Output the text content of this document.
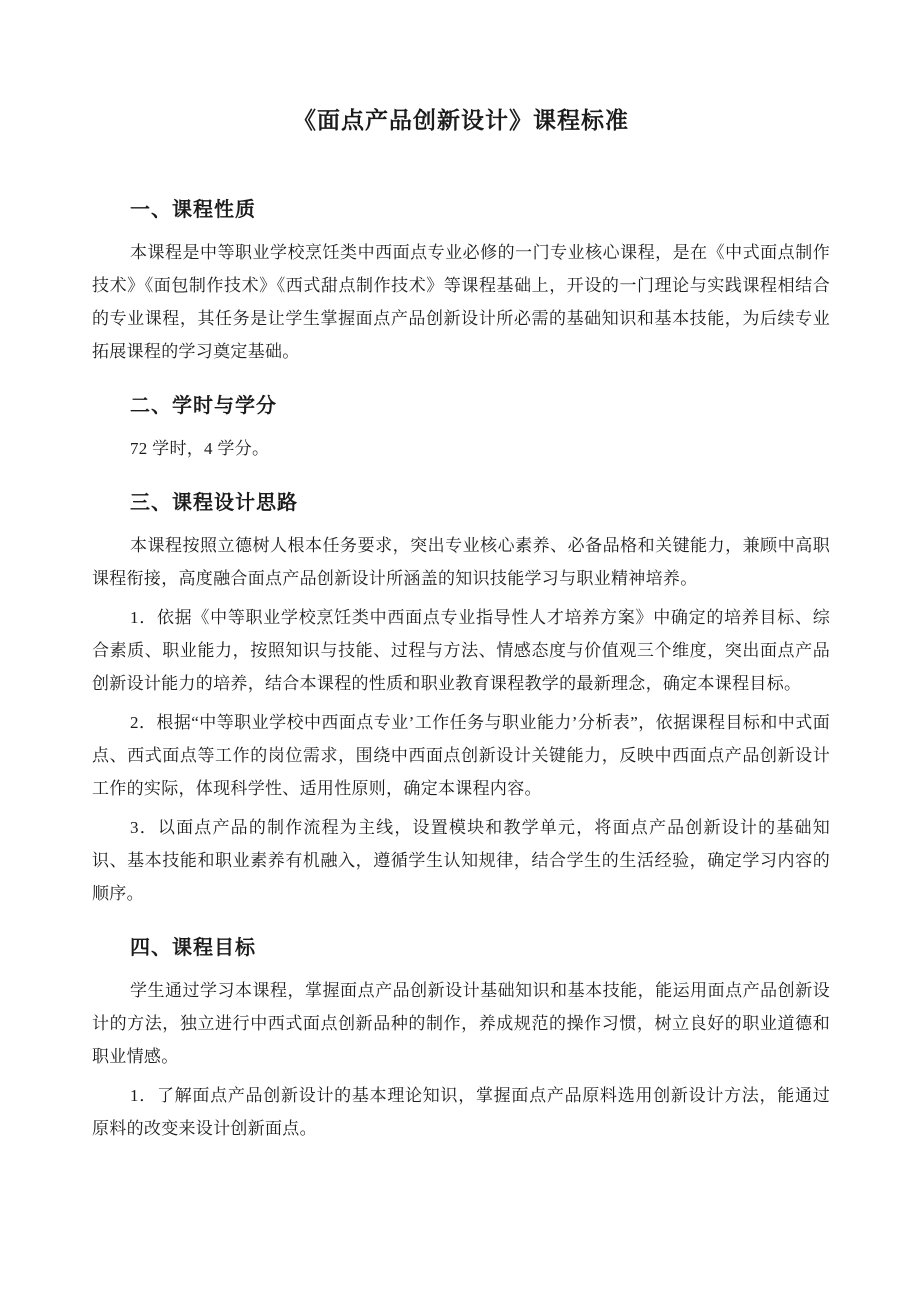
《面点产品创新设计》课程标准
一、课程性质

本课程是中等职业学校烹饪类中西面点专业必修的一门专业核心课程，是在《中式面点制作技术》《面包制作技术》《西式甜点制作技术》等课程基础上，开设的一门理论与实践课程相结合的专业课程，其任务是让学生掌握面点产品创新设计所必需的基础知识和基本技能，为后续专业拓展课程的学习奠定基础。

二、学时与学分

72 学时，4 学分。

三、课程设计思路

本课程按照立德树人根本任务要求，突出专业核心素养、必备品格和关键能力，兼顾中高职课程衔接，高度融合面点产品创新设计所涵盖的知识技能学习与职业精神培养。

1．依据《中等职业学校烹饪类中西面点专业指导性人才培养方案》中确定的培养目标、综合素质、职业能力，按照知识与技能、过程与方法、情感态度与价值观三个维度，突出面点产品创新设计能力的培养，结合本课程的性质和职业教育课程教学的最新理念，确定本课程目标。

2．根据“中等职业学校中西面点专业’工作任务与职业能力’分析表”，依据课程目标和中式面点、西式面点等工作的岗位需求，围绕中西面点创新设计关键能力，反映中西面点产品创新设计工作的实际，体现科学性、适用性原则，确定本课程内容。

3．以面点产品的制作流程为主线，设置模块和教学单元，将面点产品创新设计的基础知识、基本技能和职业素养有机融入，遵循学生认知规律，结合学生的生活经验，确定学习内容的顺序。

四、课程目标

学生通过学习本课程，掌握面点产品创新设计基础知识和基本技能，能运用面点产品创新设计的方法，独立进行中西式面点创新品种的制作，养成规范的操作习惯，树立良好的职业道德和职业情感。

1．了解面点产品创新设计的基本理论知识，掌握面点产品原料选用创新设计方法，能通过原料的改变来设计创新面点。
